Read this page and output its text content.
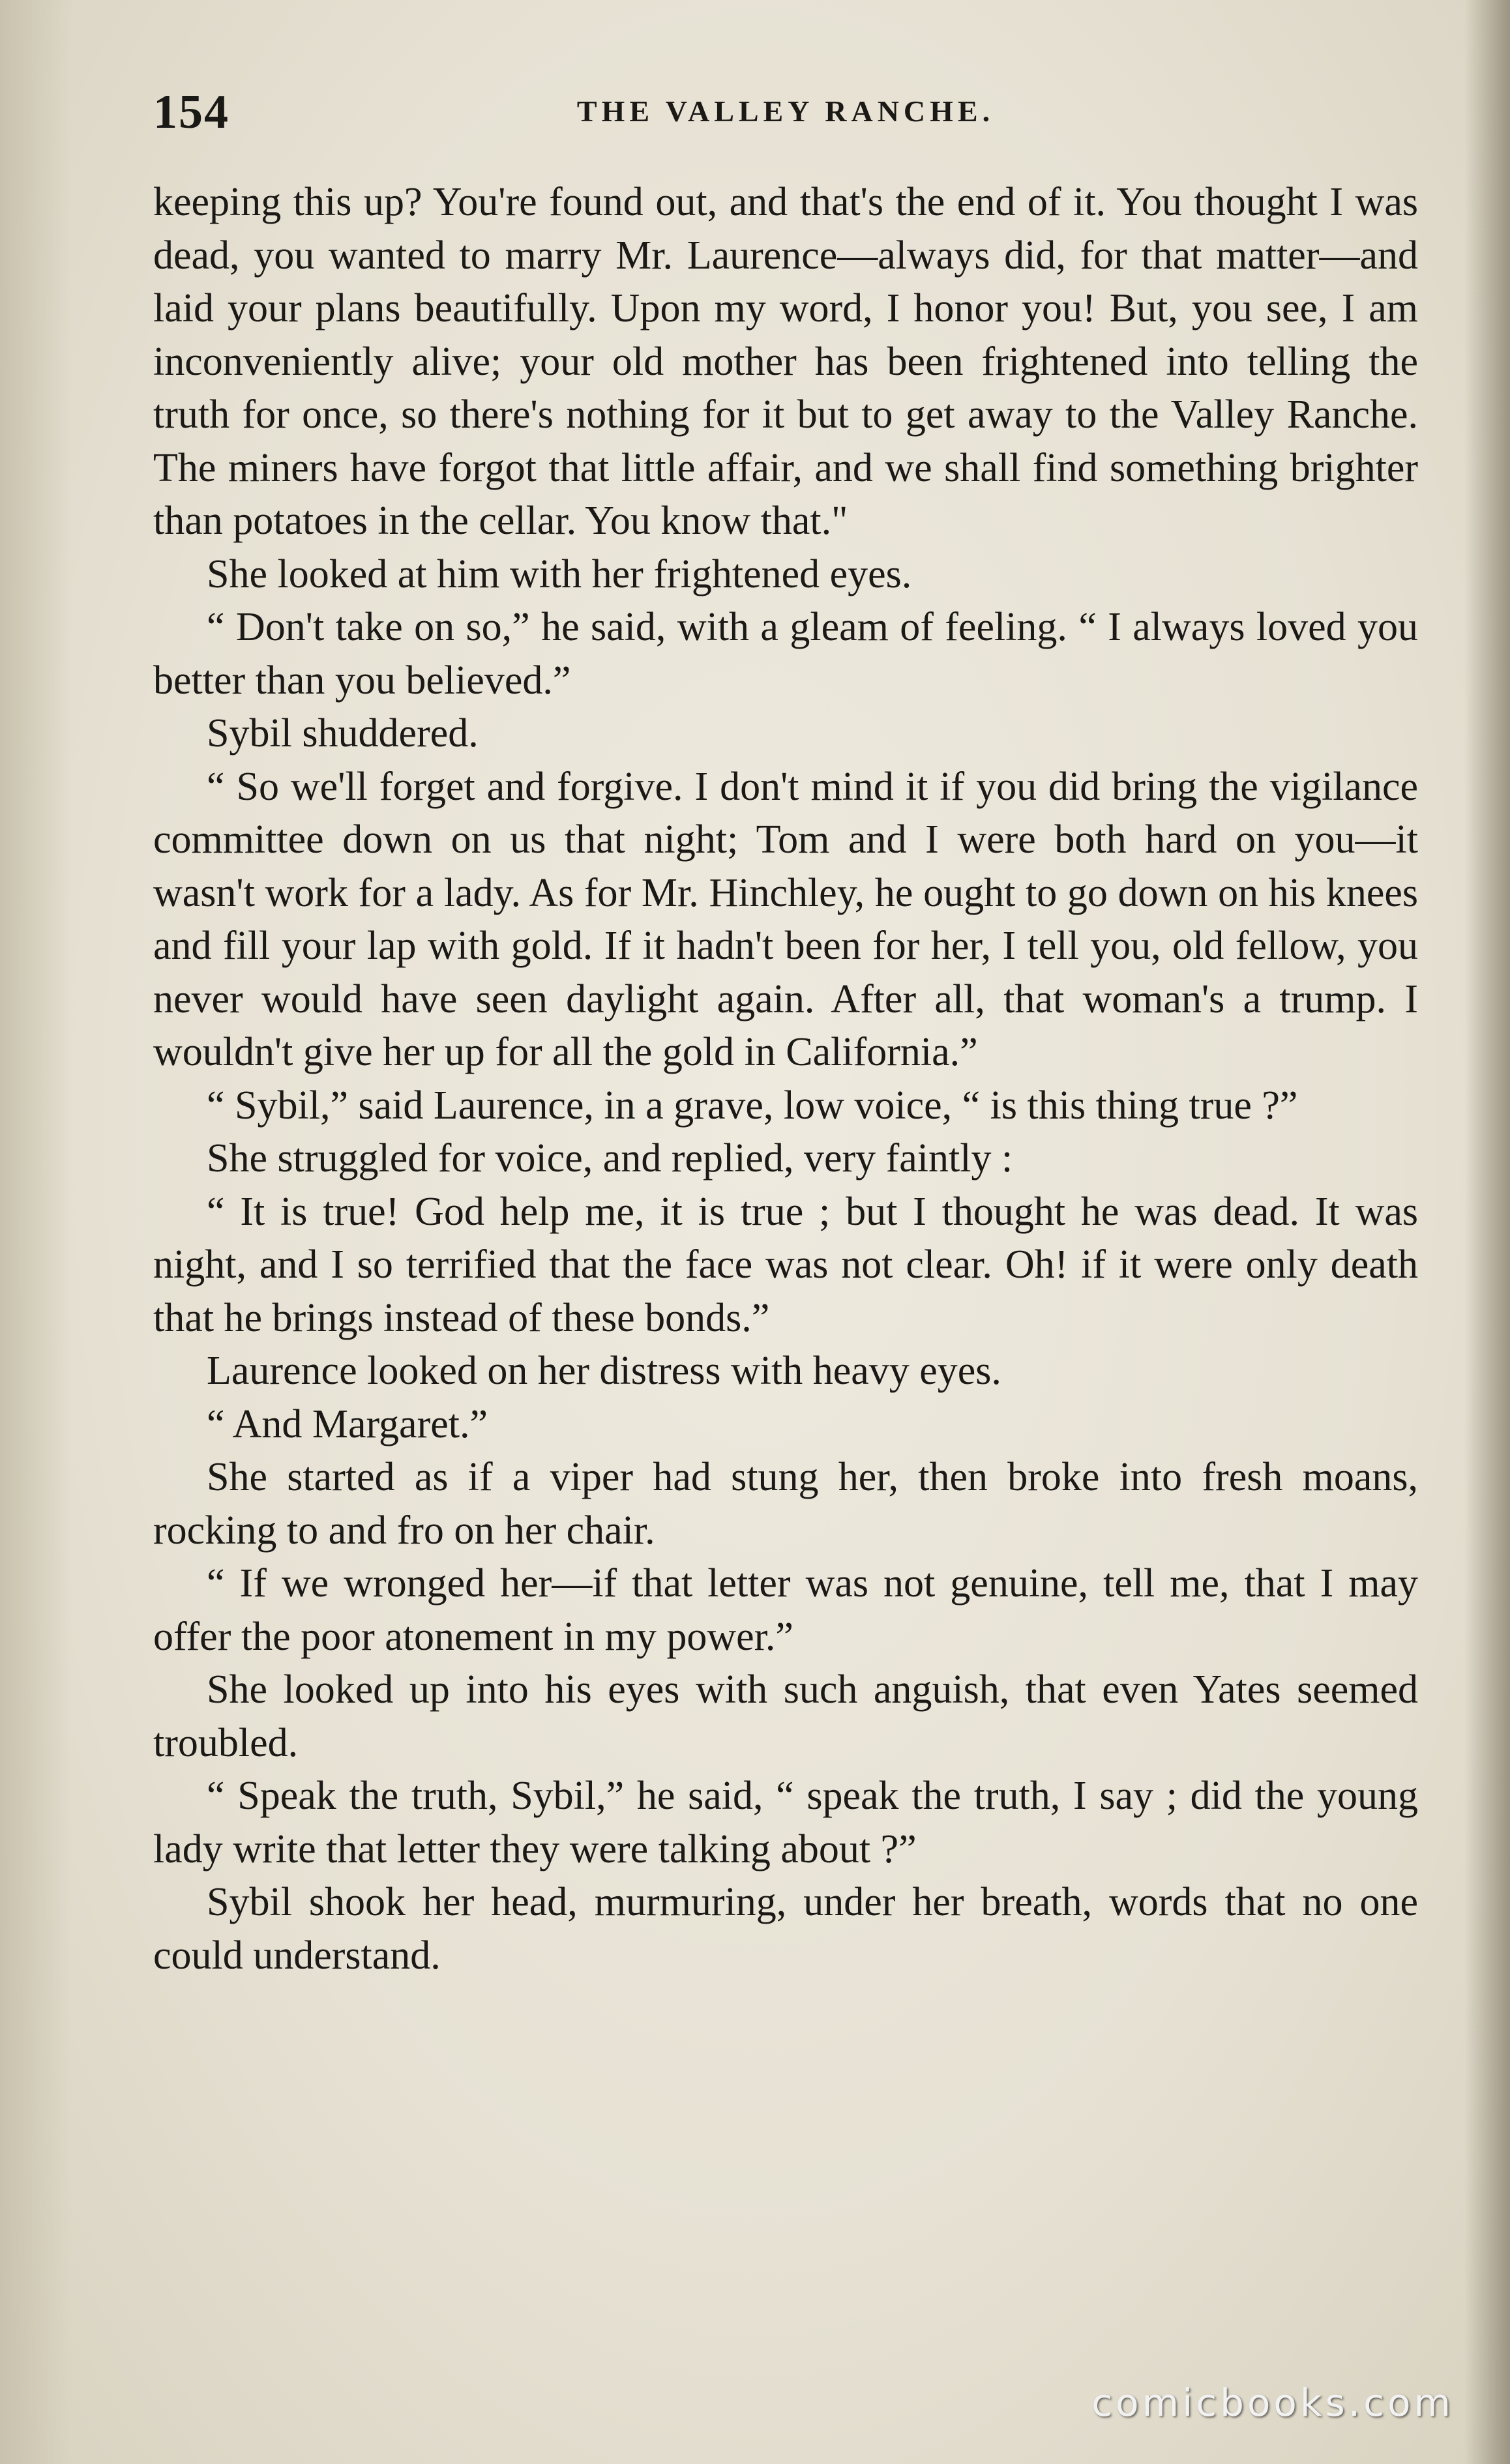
154	THE VALLEY RANCHE.

keeping this up? You're found out, and that's the end of it. You thought I was dead, you wanted to marry Mr. Laurence—always did, for that matter—and laid your plans beautifully. Upon my word, I honor you! But, you see, I am inconveniently alive; your old mother has been frightened into telling the truth for once, so there's nothing for it but to get away to the Valley Ranche. The miners have forgot that little affair, and we shall find something brighter than potatoes in the cellar. You know that."

She looked at him with her frightened eyes.

“ Don't take on so,” he said, with a gleam of feeling. “ I always loved you better than you believed.”

Sybil shuddered.

“ So we'll forget and forgive. I don't mind it if you did bring the vigilance committee down on us that night; Tom and I were both hard on you—it wasn't work for a lady. As for Mr. Hinchley, he ought to go down on his knees and fill your lap with gold. If it hadn't been for her, I tell you, old fellow, you never would have seen daylight again. After all, that woman's a trump. I wouldn't give her up for all the gold in California.”

“ Sybil,” said Laurence, in a grave, low voice, “ is this thing true ?”

She struggled for voice, and replied, very faintly :

“ It is true! God help me, it is true ; but I thought he was dead. It was night, and I so terrified that the face was not clear. Oh! if it were only death that he brings instead of these bonds.”

Laurence looked on her distress with heavy eyes.

“ And Margaret.”

She started as if a viper had stung her, then broke into fresh moans, rocking to and fro on her chair.

“ If we wronged her—if that letter was not genuine, tell me, that I may offer the poor atonement in my power.”

She looked up into his eyes with such anguish, that even Yates seemed troubled.

“ Speak the truth, Sybil,” he said, “ speak the truth, I say ; did the young lady write that letter they were talking about ?”

Sybil shook her head, murmuring, under her breath, words that no one could understand.

comicbooks.com
